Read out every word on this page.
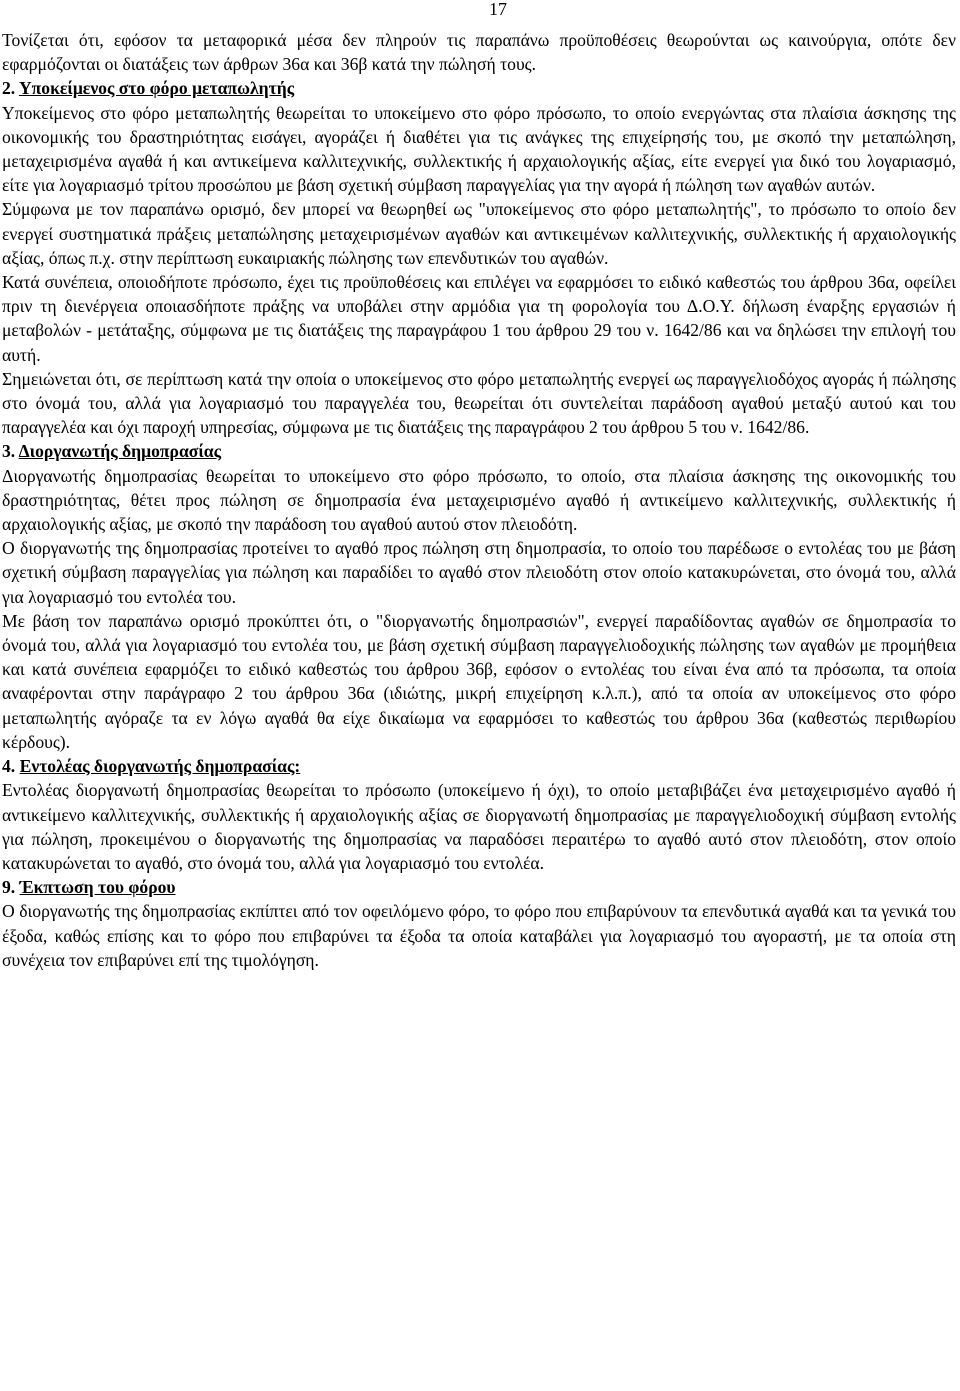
17

Τονίζεται ότι, εφόσον τα μεταφορικά μέσα δεν πληρούν τις παραπάνω προϋποθέσεις θεωρούνται ως καινούργια, οπότε δεν εφαρμόζονται οι διατάξεις των άρθρων 36α και 36β κατά την πώλησή τους.

2. Υποκείμενος στο φόρο μεταπωλητής

Υποκείμενος στο φόρο μεταπωλητής θεωρείται το υποκείμενο στο φόρο πρόσωπο, το οποίο ενεργώντας στα πλαίσια άσκησης της οικονομικής του δραστηριότητας εισάγει, αγοράζει ή διαθέτει για τις ανάγκες της επιχείρησής του, με σκοπό την μεταπώληση, μεταχειρισμένα αγαθά ή και αντικείμενα καλλιτεχνικής, συλλεκτικής ή αρχαιολογικής αξίας, είτε ενεργεί για δικό του λογαριασμό, είτε για λογαριασμό τρίτου προσώπου με βάση σχετική σύμβαση παραγγελίας για την αγορά ή πώληση των αγαθών αυτών.

Σύμφωνα με τον παραπάνω ορισμό, δεν μπορεί να θεωρηθεί ως "υποκείμενος στο φόρο μεταπωλητής", το πρόσωπο το οποίο δεν ενεργεί συστηματικά πράξεις μεταπώλησης μεταχειρισμένων αγαθών και αντικειμένων καλλιτεχνικής, συλλεκτικής ή αρχαιολογικής αξίας, όπως π.χ. στην περίπτωση ευκαιριακής πώλησης των επενδυτικών του αγαθών.

Κατά συνέπεια, οποιοδήποτε πρόσωπο, έχει τις προϋποθέσεις και επιλέγει να εφαρμόσει το ειδικό καθεστώς του άρθρου 36α, οφείλει πριν τη διενέργεια οποιασδήποτε πράξης να υποβάλει στην αρμόδια για τη φορολογία του Δ.Ο.Υ. δήλωση έναρξης εργασιών ή μεταβολών - μετάταξης, σύμφωνα με τις διατάξεις της παραγράφου 1 του άρθρου 29 του ν. 1642/86 και να δηλώσει την επιλογή του αυτή.

Σημειώνεται ότι, σε περίπτωση κατά την οποία ο υποκείμενος στο φόρο μεταπωλητής ενεργεί ως παραγγελιοδόχος αγοράς ή πώλησης στο όνομά του, αλλά για λογαριασμό του παραγγελέα του, θεωρείται ότι συντελείται παράδοση αγαθού μεταξύ αυτού και του παραγγελέα και όχι παροχή υπηρεσίας, σύμφωνα με τις διατάξεις της παραγράφου 2 του άρθρου 5 του ν. 1642/86.

3. Διοργανωτής δημοπρασίας

Διοργανωτής δημοπρασίας θεωρείται το υποκείμενο στο φόρο πρόσωπο, το οποίο, στα πλαίσια άσκησης της οικονομικής του δραστηριότητας, θέτει προς πώληση σε δημοπρασία ένα μεταχειρισμένο αγαθό ή αντικείμενο καλλιτεχνικής, συλλεκτικής ή αρχαιολογικής αξίας, με σκοπό την παράδοση του αγαθού αυτού στον πλειοδότη.

Ο διοργανωτής της δημοπρασίας προτείνει το αγαθό προς πώληση στη δημοπρασία, το οποίο του παρέδωσε ο εντολέας του με βάση σχετική σύμβαση παραγγελίας για πώληση και παραδίδει το αγαθό στον πλειοδότη στον οποίο κατακυρώνεται, στο όνομά του, αλλά για λογαριασμό του εντολέα του.

Με βάση τον παραπάνω ορισμό προκύπτει ότι, ο "διοργανωτής δημοπρασιών", ενεργεί παραδίδοντας αγαθών σε δημοπρασία το όνομά του, αλλά για λογαριασμό του εντολέα του, με βάση σχετική σύμβαση παραγγελιοδοχικής πώλησης των αγαθών με προμήθεια και κατά συνέπεια εφαρμόζει το ειδικό καθεστώς του άρθρου 36β, εφόσον ο εντολέας του είναι ένα από τα πρόσωπα, τα οποία αναφέρονται στην παράγραφο 2 του άρθρου 36α (ιδιώτης, μικρή επιχείρηση κ.λ.π.), από τα οποία αν υποκείμενος στο φόρο μεταπωλητής αγόραζε τα εν λόγω αγαθά θα είχε δικαίωμα να εφαρμόσει το καθεστώς του άρθρου 36α (καθεστώς περιθωρίου κέρδους).

4. Εντολέας διοργανωτής δημοπρασίας:

Εντολέας διοργανωτή δημοπρασίας θεωρείται το πρόσωπο (υποκείμενο ή όχι), το οποίο μεταβιβάζει ένα μεταχειρισμένο αγαθό ή αντικείμενο καλλιτεχνικής, συλλεκτικής ή αρχαιολογικής αξίας σε διοργανωτή δημοπρασίας με παραγγελιοδοχική σύμβαση εντολής για πώληση, προκειμένου ο διοργανωτής της δημοπρασίας να παραδόσει περαιτέρω το αγαθό αυτό στον πλειοδότη, στον οποίο κατακυρώνεται το αγαθό, στο όνομά του, αλλά για λογαριασμό του εντολέα.

9. Έκπτωση του φόρου

Ο διοργανωτής της δημοπρασίας εκπίπτει από τον οφειλόμενο φόρο, το φόρο που επιβαρύνουν τα επενδυτικά αγαθά και τα γενικά του έξοδα, καθώς επίσης και το φόρο που επιβαρύνει τα έξοδα τα οποία καταβάλει για λογαριασμό του αγοραστή, με τα οποία στη συνέχεια τον επιβαρύνει επί της τιμολόγηση.
